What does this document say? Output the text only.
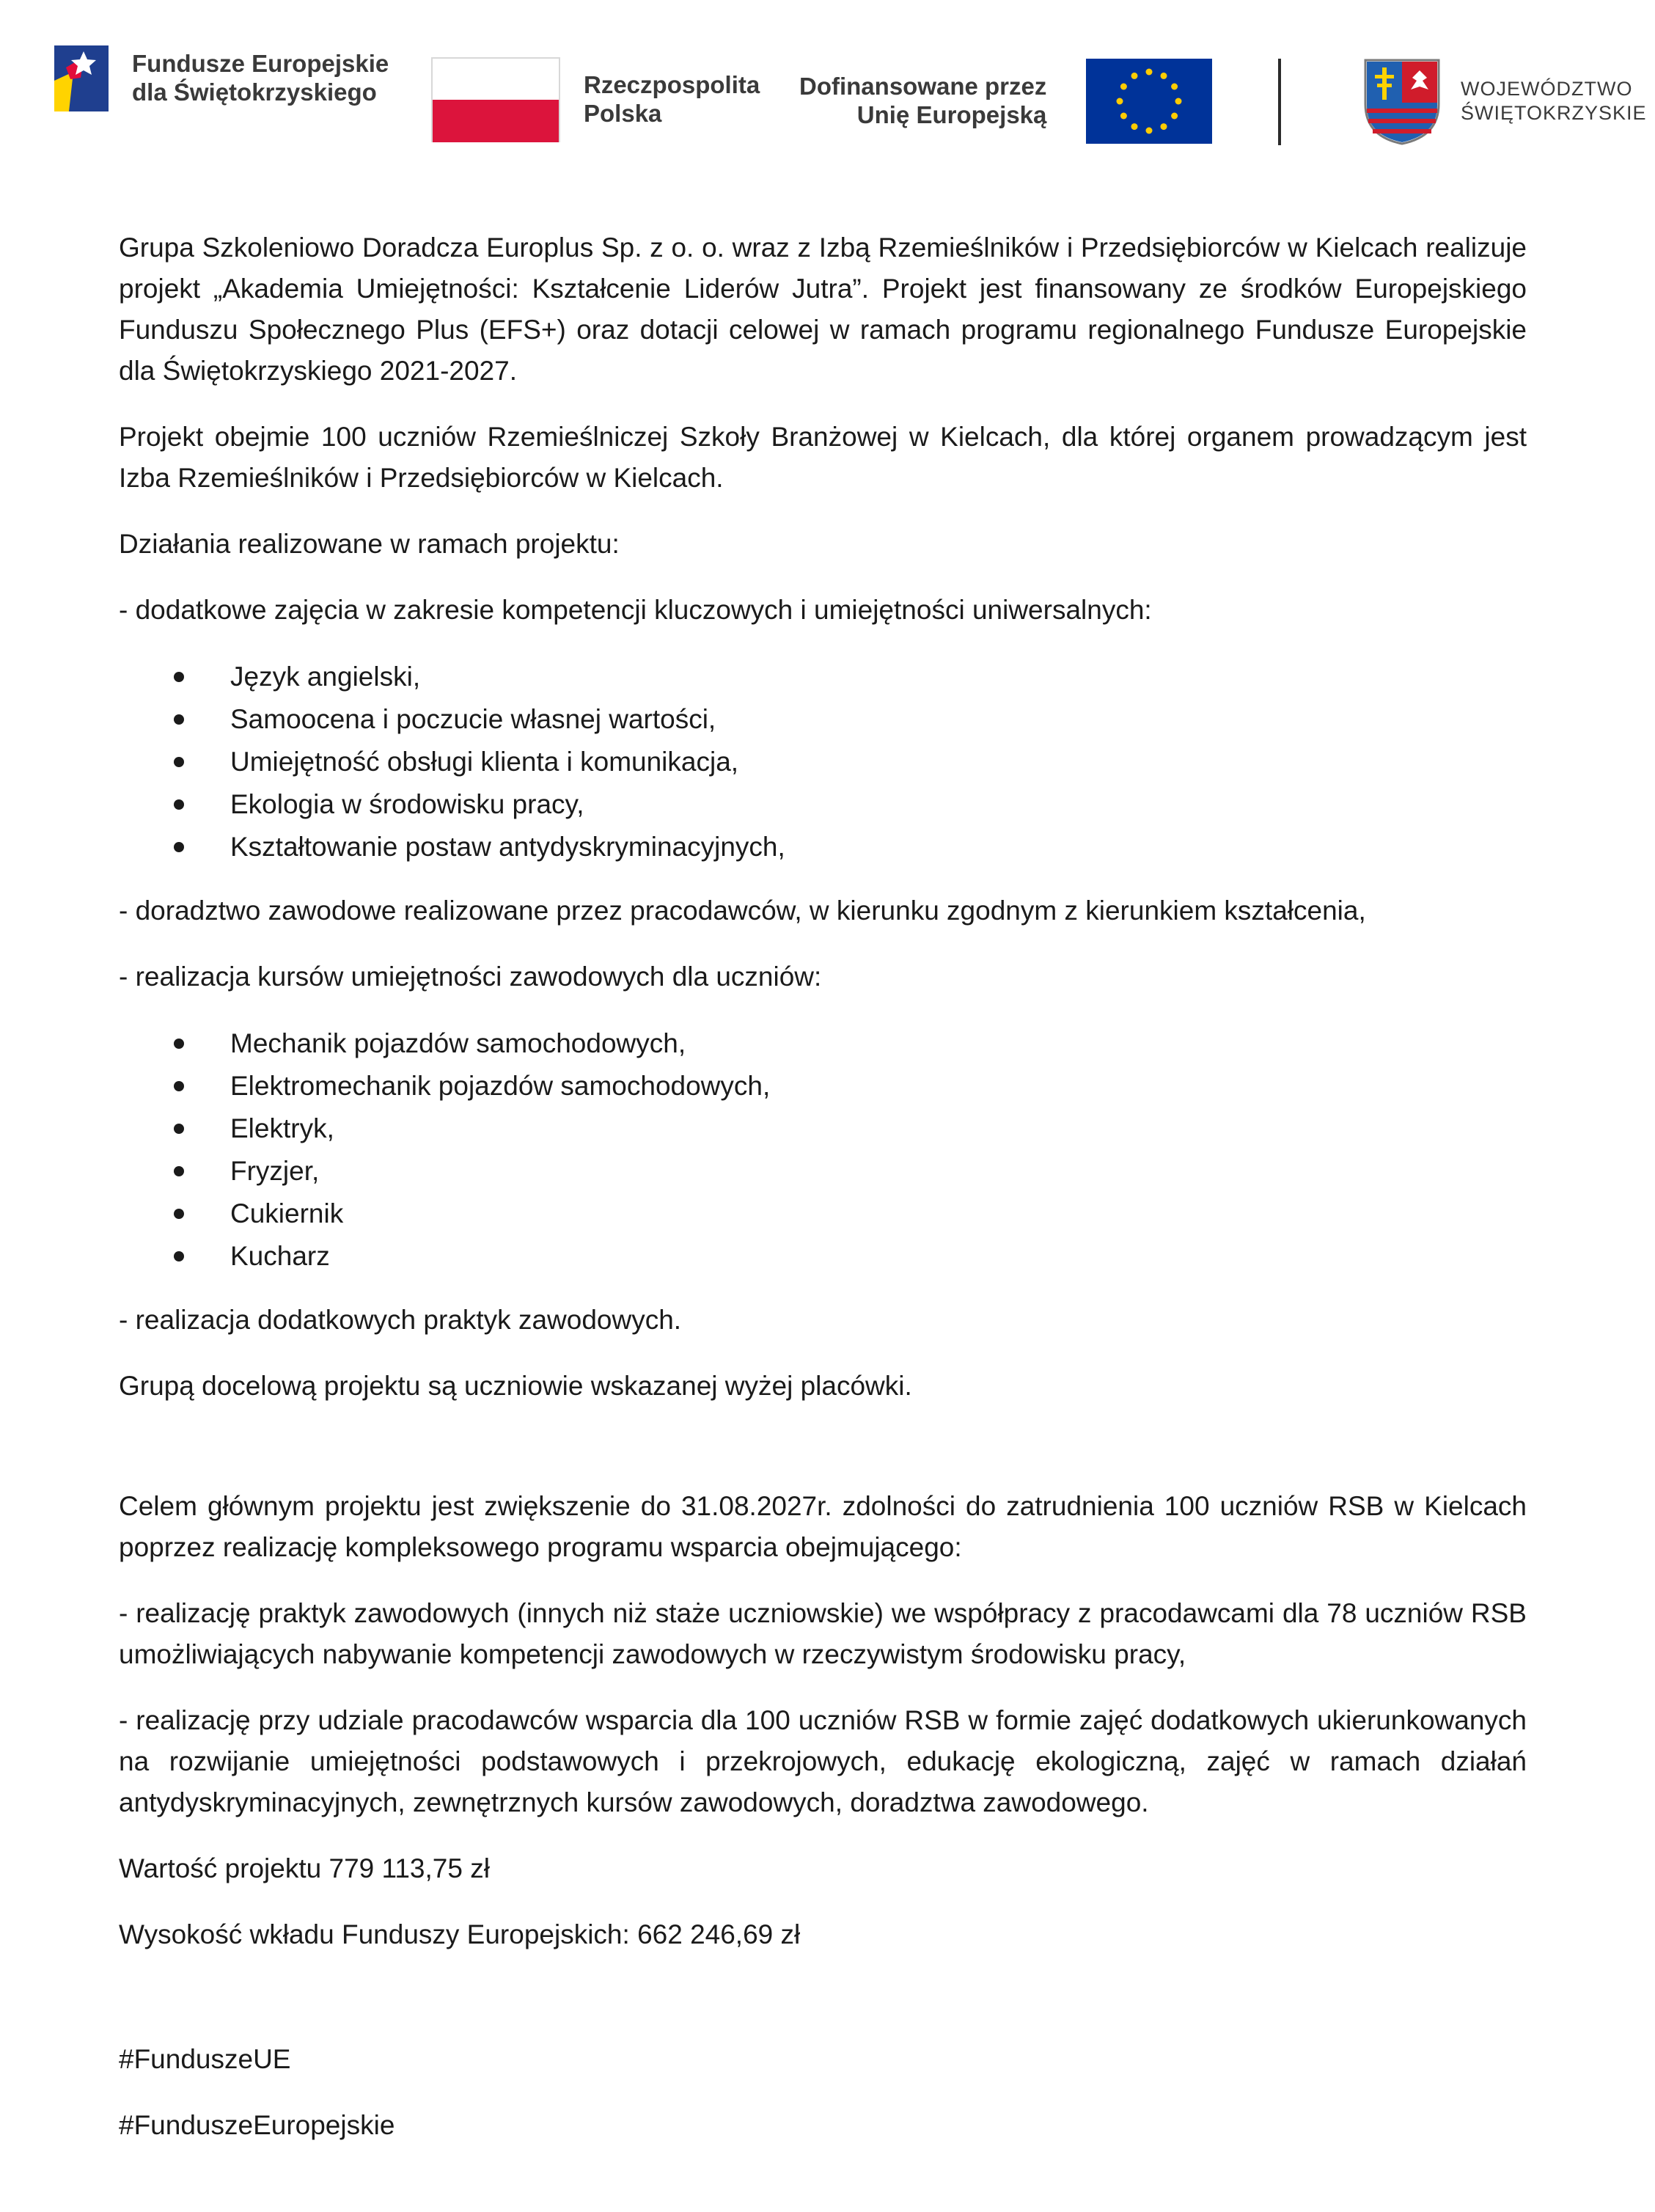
Fundusze Europejskie
dla Świętokrzyskiego	Rzeczpospolita
Polska
Dofinansowane przez
Unię Europejską
WOJEWÓDZTWO
ŚWIĘTOKRZYSKIE

Grupa Szkoleniowo Doradcza Europlus Sp. z o. o. wraz z Izbą Rzemieślników i Przedsiębiorców w Kielcach realizuje projekt „Akademia Umiejętności: Kształcenie Liderów Jutra”. Projekt jest finansowany ze środków Europejskiego Funduszu Społecznego Plus (EFS+) oraz dotacji celowej w ramach programu regionalnego Fundusze Europejskie dla Świętokrzyskiego 2021-2027.

Projekt obejmie 100 uczniów Rzemieślniczej Szkoły Branżowej w Kielcach, dla której organem prowadzącym jest Izba Rzemieślników i Przedsiębiorców w Kielcach.

Działania realizowane w ramach projektu:

- dodatkowe zajęcia w zakresie kompetencji kluczowych i umiejętności uniwersalnych:

Język angielski,
Samoocena i poczucie własnej wartości,
Umiejętność obsługi klienta i komunikacja,
Ekologia w środowisku pracy,
Kształtowanie postaw antydyskryminacyjnych,

- doradztwo zawodowe realizowane przez pracodawców, w kierunku zgodnym z kierunkiem kształcenia,

- realizacja kursów umiejętności zawodowych dla uczniów:

Mechanik pojazdów samochodowych,
Elektromechanik pojazdów samochodowych,
Elektryk,
Fryzjer,
Cukiernik
Kucharz

- realizacja dodatkowych praktyk zawodowych.

Grupą docelową projektu są uczniowie wskazanej wyżej placówki.

Celem głównym projektu jest zwiększenie do 31.08.2027r. zdolności do zatrudnienia 100 uczniów RSB w Kielcach poprzez realizację kompleksowego programu wsparcia obejmującego:

- realizację praktyk zawodowych (innych niż staże uczniowskie) we współpracy z pracodawcami dla 78 uczniów RSB umożliwiających nabywanie kompetencji zawodowych w rzeczywistym środowisku pracy,

- realizację przy udziale pracodawców wsparcia dla 100 uczniów RSB w formie zajęć dodatkowych ukierunkowanych na rozwijanie umiejętności podstawowych i przekrojowych, edukację ekologiczną, zajęć w ramach działań antydyskryminacyjnych, zewnętrznych kursów zawodowych, doradztwa zawodowego.

Wartość projektu 779 113,75 zł

Wysokość wkładu Funduszy Europejskich: 662 246,69 zł

#FunduszeUE

#FunduszeEuropejskie
